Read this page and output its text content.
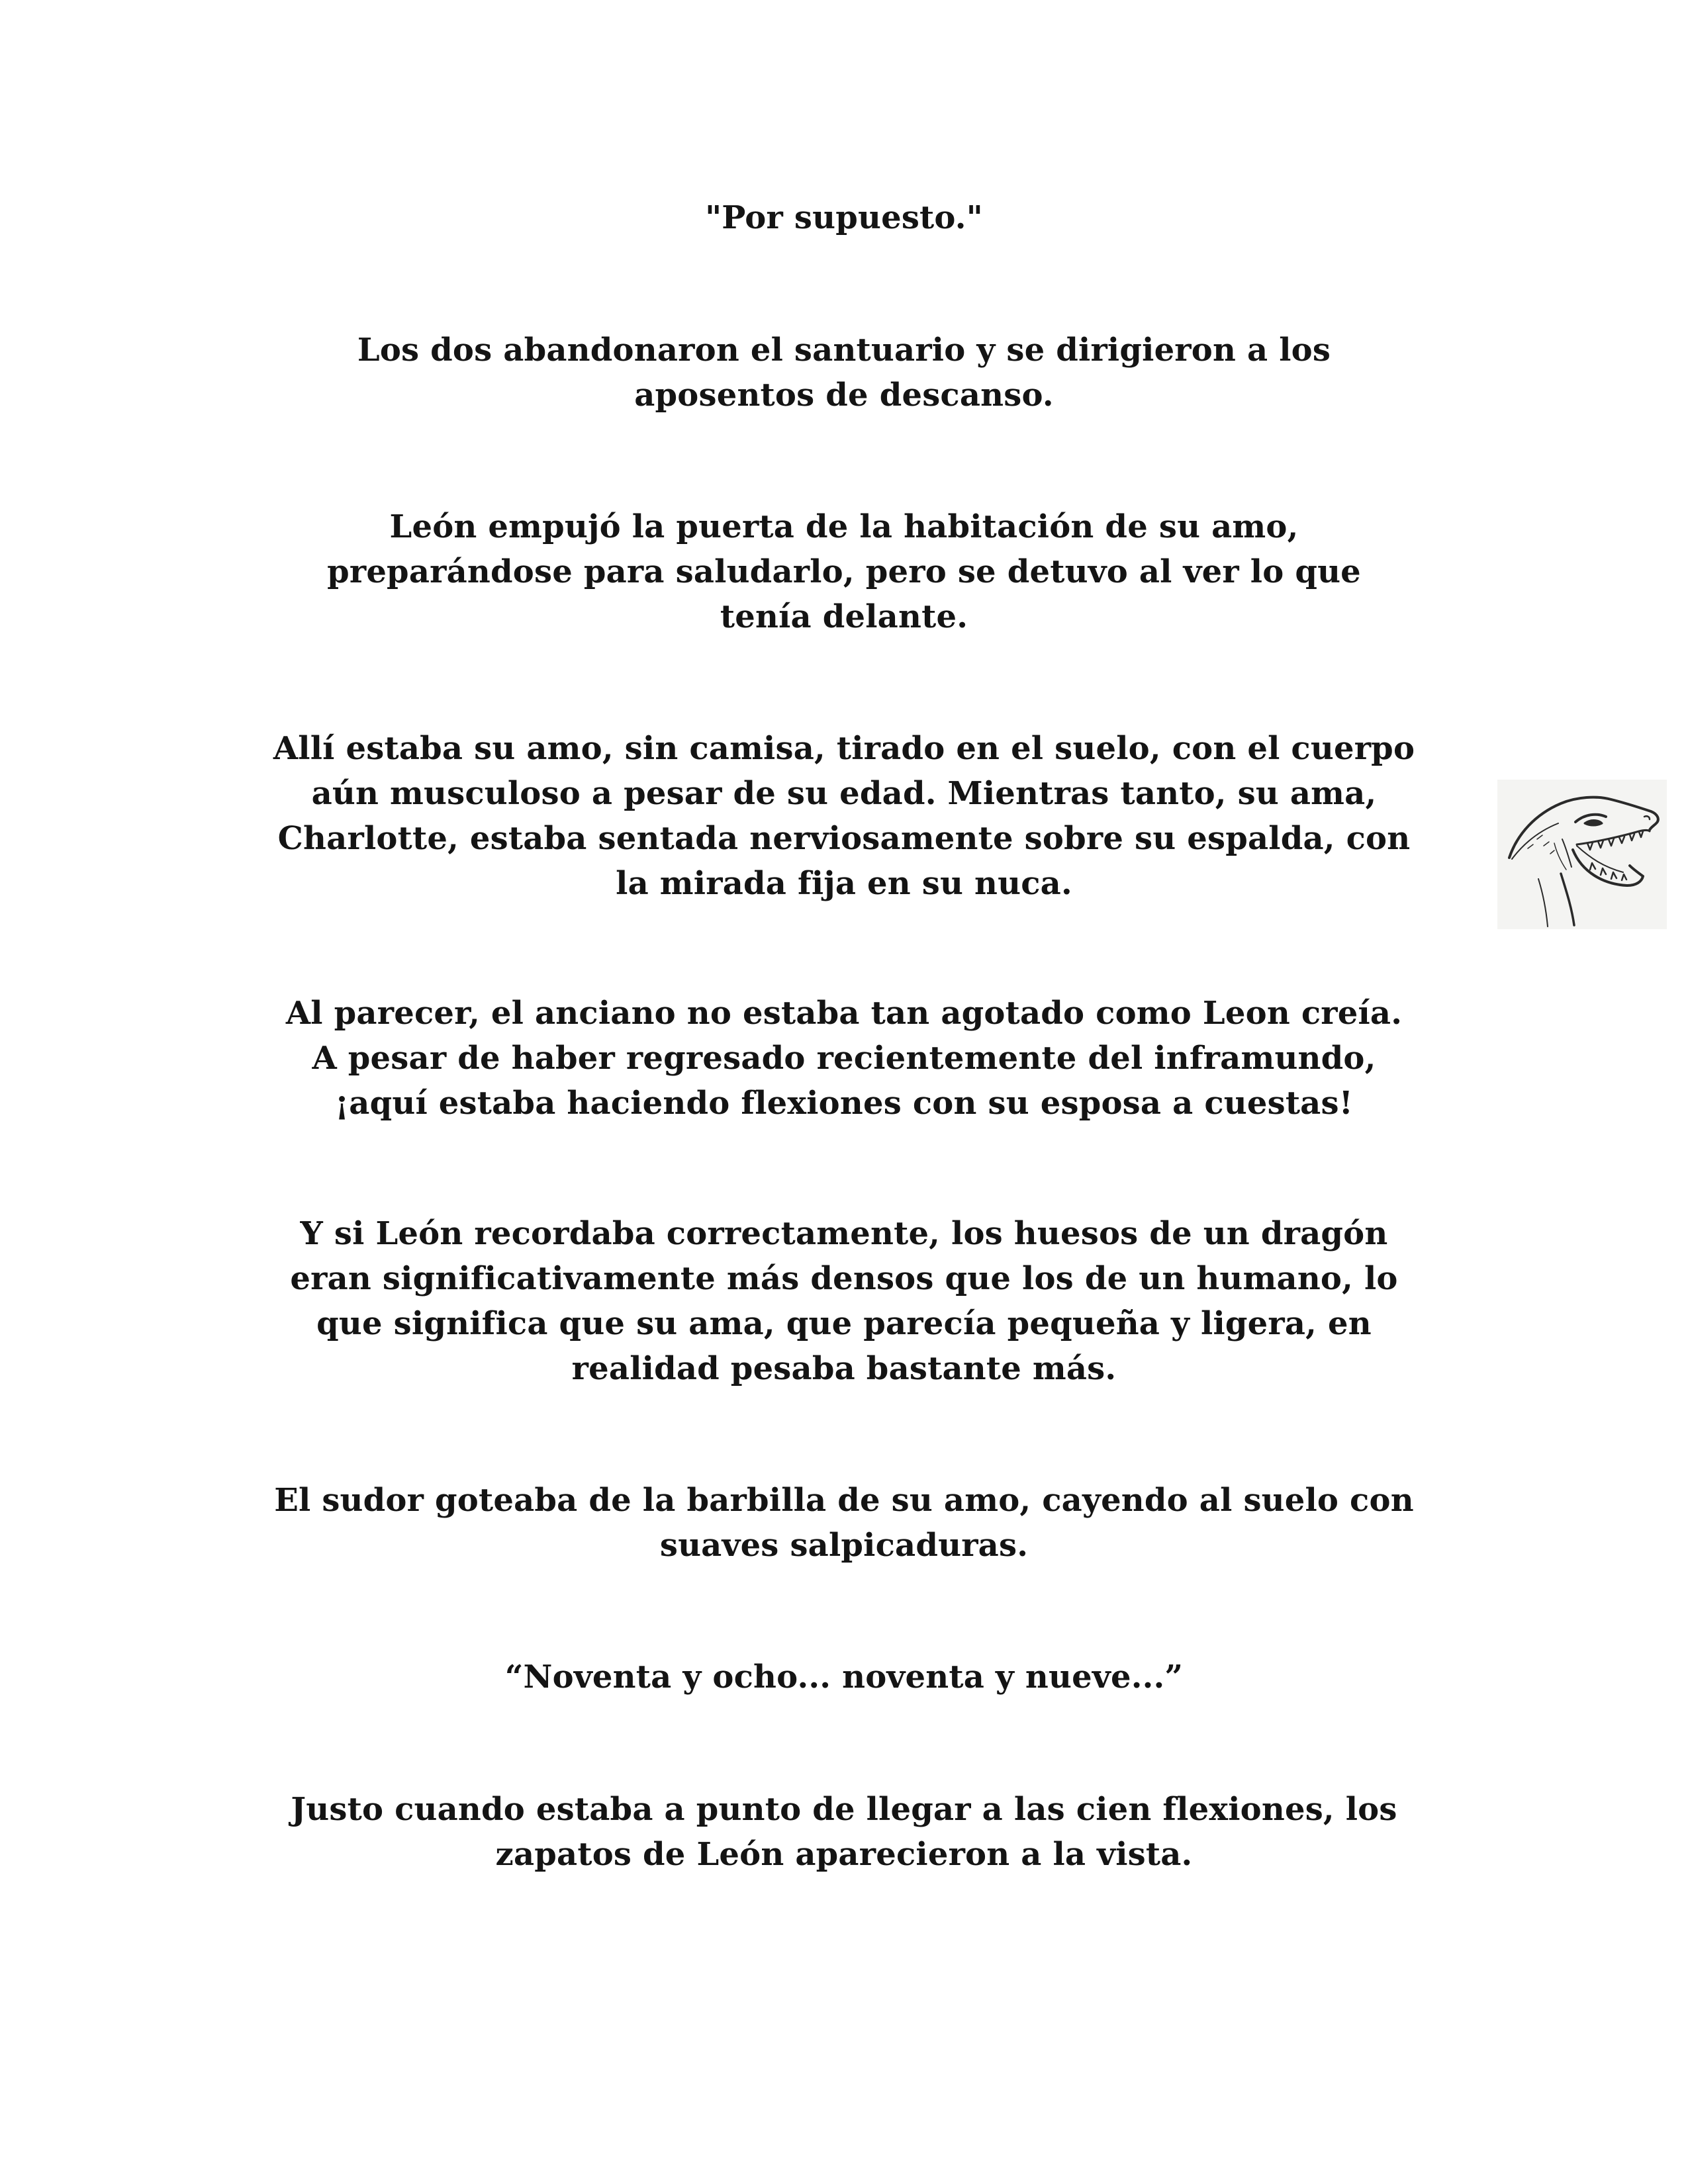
"Por supuesto."

Los dos abandonaron el santuario y se dirigieron a los
aposentos de descanso.

León empujó la puerta de la habitación de su amo,
preparándose para saludarlo, pero se detuvo al ver lo que
tenía delante.

Allí estaba su amo, sin camisa, tirado en el suelo, con el cuerpo
aún musculoso a pesar de su edad. Mientras tanto, su ama,
Charlotte, estaba sentada nerviosamente sobre su espalda, con
la mirada fija en su nuca.

Al parecer, el anciano no estaba tan agotado como Leon creía.
A pesar de haber regresado recientemente del inframundo,
¡aquí estaba haciendo flexiones con su esposa a cuestas!

Y si León recordaba correctamente, los huesos de un dragón
eran significativamente más densos que los de un humano, lo
que significa que su ama, que parecía pequeña y ligera, en
realidad pesaba bastante más.

El sudor goteaba de la barbilla de su amo, cayendo al suelo con
suaves salpicaduras.

“Noventa y ocho... noventa y nueve...”

Justo cuando estaba a punto de llegar a las cien flexiones, los
zapatos de León aparecieron a la vista.
